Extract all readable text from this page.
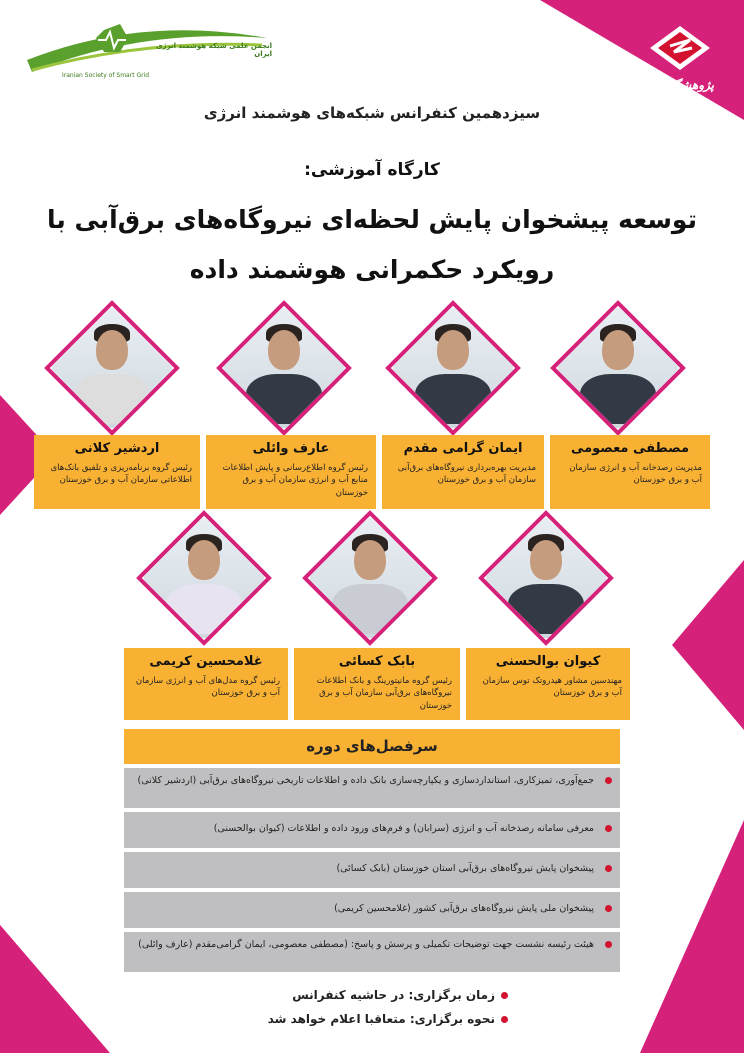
انجمن علمی شبکه هوشمند انرژی ایران
Iranian Society of Smart Grid
پژوهشگاه نیرو
سیزدهمین کنفرانس شبکه‌های هوشمند انرژی
کارگاه آموزشی:
توسعه پیشخوان پایش لحظه‌ای نیروگاه‌های برق‌آبی با
رویکرد حکمرانی هوشمند داده
مصطفی معصومی
مدیریت رصدخانه آب و انرژی سازمان آب و برق خوزستان
ایمان گرامی مقدم
مدیریت بهره‌برداری نیروگاه‌های برق‌آبی سازمان آب و برق خوزستان
عارف وائلی
رئیس گروه اطلاع‌رسانی و پایش اطلاعات منابع آب و انرژی سازمان آب و برق خوزستان
اردشیر کلانی
رئیس گروه برنامه‌ریزی و تلفیق بانک‌های اطلاعاتی سازمان آب و برق خوزستان
کیوان بوالحسنی
مهندسین مشاور هیدروتک توس سازمان آب و برق خوزستان
بابک کسائی
رئیس گروه مانیتورینگ و بانک اطلاعات نیروگاه‌های برق‌آبی سازمان آب و برق خوزستان
غلامحسین کریمی
رئیس گروه مدل‌های آب و انرژی سازمان آب و برق خوزستان
سرفصل‌های دوره
جمع‌آوری، تمیزکاری، استانداردسازی و یکپارچه‌سازی بانک داده و اطلاعات تاریخی نیروگاه‌های برق‌آبی (اردشیر کلانی)
معرفی سامانه رصدخانه آب و انرژی (سرابان) و فرم‌های ورود داده و اطلاعات (کیوان بوالحسنی)
پیشخوان پایش نیروگاه‌های برق‌آبی استان خوزستان (بابک کسائی)
پیشخوان ملی پایش نیروگاه‌های برق‌آبی کشور (غلامحسین کریمی)
هیئت رئیسه نشست جهت توضیحات تکمیلی و پرسش و پاسخ: (مصطفی معصومی، ایمان گرامی‌مقدم (عارف وائلی)
زمان برگزاری: در حاشیه کنفرانس
نحوه برگزاری: متعاقبا اعلام خواهد شد
